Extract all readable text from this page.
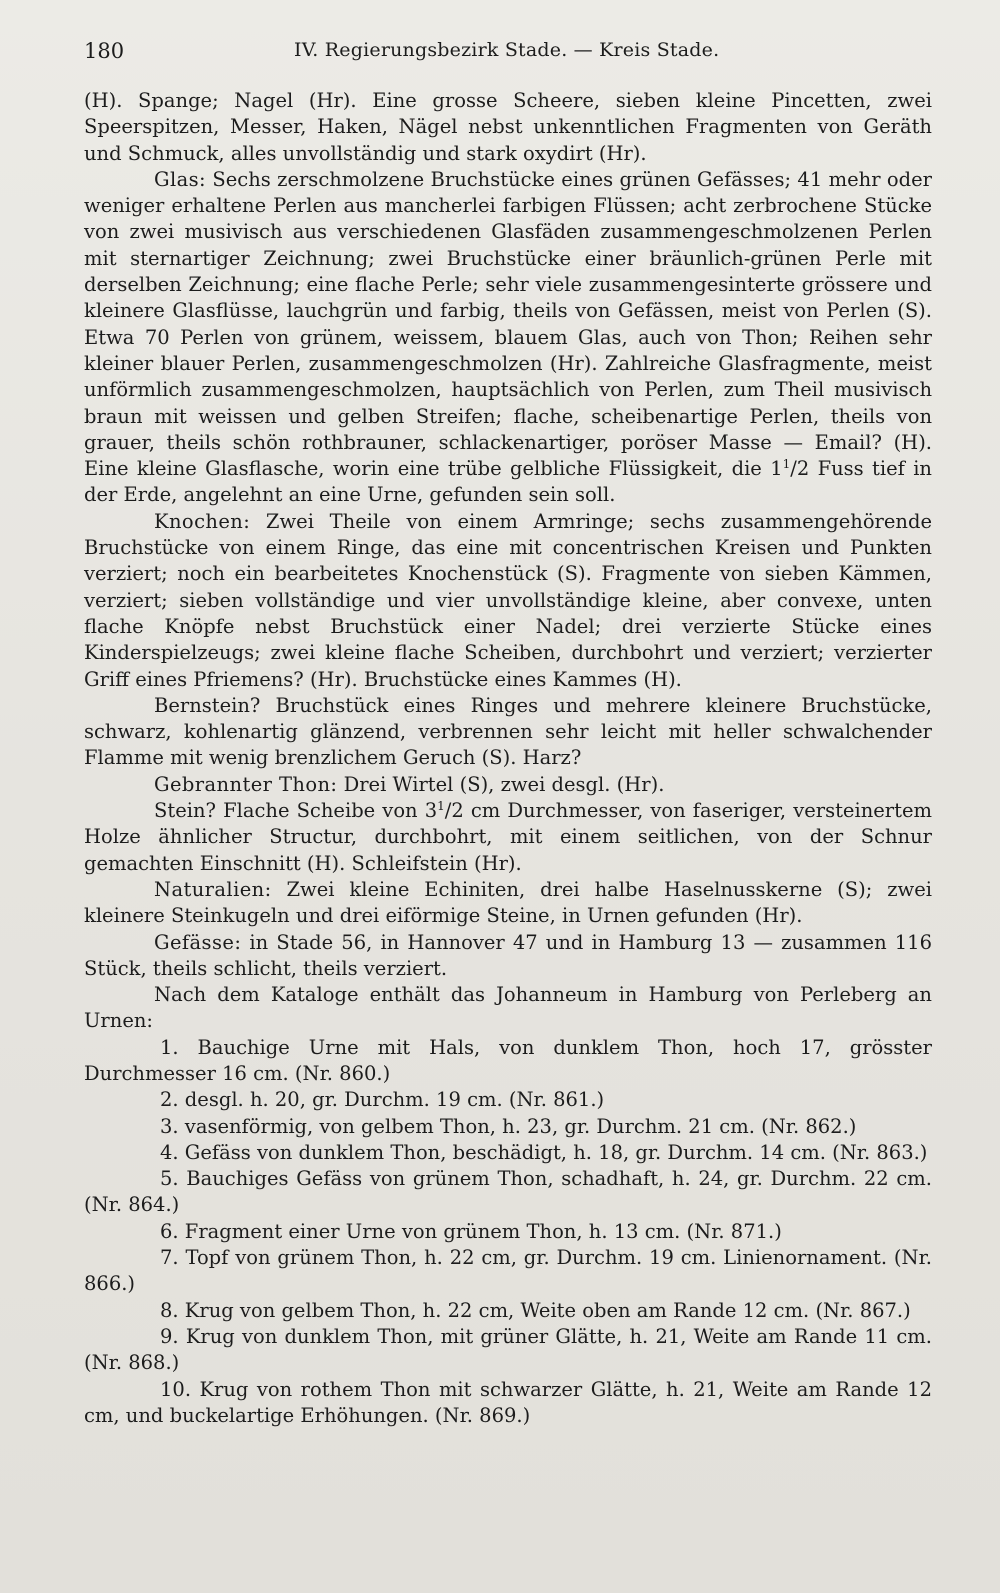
180	IV. Regierungsbezirk Stade. — Kreis Stade.

(H). Spange; Nagel (Hr). Eine grosse Scheere, sieben kleine Pincetten, zwei Speerspitzen, Messer, Haken, Nägel nebst unkenntlichen Fragmenten von Geräth und Schmuck, alles unvollständig und stark oxydirt (Hr).

Glas: Sechs zerschmolzene Bruchstücke eines grünen Gefässes; 41 mehr oder weniger erhaltene Perlen aus mancherlei farbigen Flüssen; acht zerbrochene Stücke von zwei musivisch aus verschiedenen Glasfäden zusammengeschmolzenen Perlen mit sternartiger Zeichnung; zwei Bruchstücke einer bräunlich-grünen Perle mit derselben Zeichnung; eine flache Perle; sehr viele zusammengesinterte grössere und kleinere Glasflüsse, lauchgrün und farbig, theils von Gefässen, meist von Perlen (S). Etwa 70 Perlen von grünem, weissem, blauem Glas, auch von Thon; Reihen sehr kleiner blauer Perlen, zusammengeschmolzen (Hr). Zahlreiche Glasfragmente, meist unförmlich zusammengeschmolzen, hauptsächlich von Perlen, zum Theil musivisch braun mit weissen und gelben Streifen; flache, scheibenartige Perlen, theils von grauer, theils schön rothbrauner, schlackenartiger, poröser Masse — Email? (H). Eine kleine Glasflasche, worin eine trübe gelbliche Flüssigkeit, die $1^1/2$ Fuss tief in der Erde, angelehnt an eine Urne, gefunden sein soll.

Knochen: Zwei Theile von einem Armringe; sechs zusammengehörende Bruchstücke von einem Ringe, das eine mit concentrischen Kreisen und Punkten verziert; noch ein bearbeitetes Knochenstück (S). Fragmente von sieben Kämmen, verziert; sieben vollständige und vier unvollständige kleine, aber convexe, unten flache Knöpfe nebst Bruchstück einer Nadel; drei verzierte Stücke eines Kinderspielzeugs; zwei kleine flache Scheiben, durchbohrt und verziert; verzierter Griff eines Pfriemens? (Hr). Bruchstücke eines Kammes (H).

Bernstein? Bruchstück eines Ringes und mehrere kleinere Bruchstücke, schwarz, kohlenartig glänzend, verbrennen sehr leicht mit heller schwalchender Flamme mit wenig brenzlichem Geruch (S). Harz?

Gebrannter Thon: Drei Wirtel (S), zwei desgl. (Hr).

Stein? Flache Scheibe von $3^1/2$ cm Durchmesser, von faseriger, versteinertem Holze ähnlicher Structur, durchbohrt, mit einem seitlichen, von der Schnur gemachten Einschnitt (H). Schleifstein (Hr).

Naturalien: Zwei kleine Echiniten, drei halbe Haselnusskerne (S); zwei kleinere Steinkugeln und drei eiförmige Steine, in Urnen gefunden (Hr).

Gefässe: in Stade 56, in Hannover 47 und in Hamburg 13 — zusammen 116 Stück, theils schlicht, theils verziert.

Nach dem Kataloge enthält das Johanneum in Hamburg von Perleberg an Urnen:

1. Bauchige Urne mit Hals, von dunklem Thon, hoch 17, grösster Durchmesser 16 cm. (Nr. 860.)

2. desgl. h. 20, gr. Durchm. 19 cm. (Nr. 861.)

3. vasenförmig, von gelbem Thon, h. 23, gr. Durchm. 21 cm. (Nr. 862.)

4. Gefäss von dunklem Thon, beschädigt, h. 18, gr. Durchm. 14 cm. (Nr. 863.)

5. Bauchiges Gefäss von grünem Thon, schadhaft, h. 24, gr. Durchm. 22 cm. (Nr. 864.)

6. Fragment einer Urne von grünem Thon, h. 13 cm. (Nr. 871.)

7. Topf von grünem Thon, h. 22 cm, gr. Durchm. 19 cm. Linienornament. (Nr. 866.)

8. Krug von gelbem Thon, h. 22 cm, Weite oben am Rande 12 cm. (Nr. 867.)

9. Krug von dunklem Thon, mit grüner Glätte, h. 21, Weite am Rande 11 cm. (Nr. 868.)

10. Krug von rothem Thon mit schwarzer Glätte, h. 21, Weite am Rande 12 cm, und buckelartige Erhöhungen. (Nr. 869.)
